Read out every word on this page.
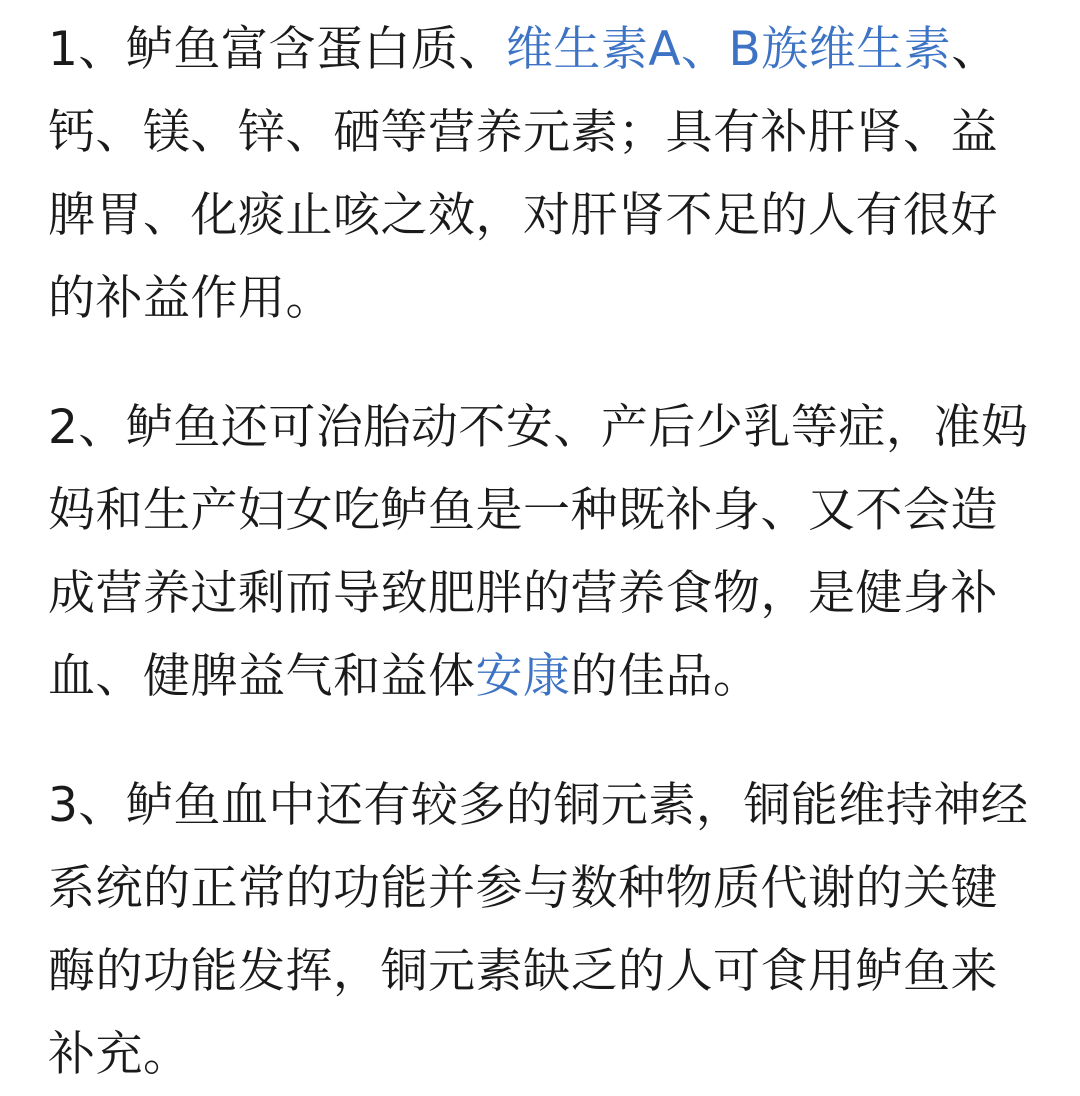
1、鲈鱼富含蛋白质、维生素A、B族维生素、钙、镁、锌、硒等营养元素；具有补肝肾、益脾胃、化痰止咳之效，对肝肾不足的人有很好的补益作用。

2、鲈鱼还可治胎动不安、产后少乳等症，准妈妈和生产妇女吃鲈鱼是一种既补身、又不会造成营养过剩而导致肥胖的营养食物，是健身补血、健脾益气和益体安康的佳品。

3、鲈鱼血中还有较多的铜元素，铜能维持神经系统的正常的功能并参与数种物质代谢的关键酶的功能发挥，铜元素缺乏的人可食用鲈鱼来补充。
